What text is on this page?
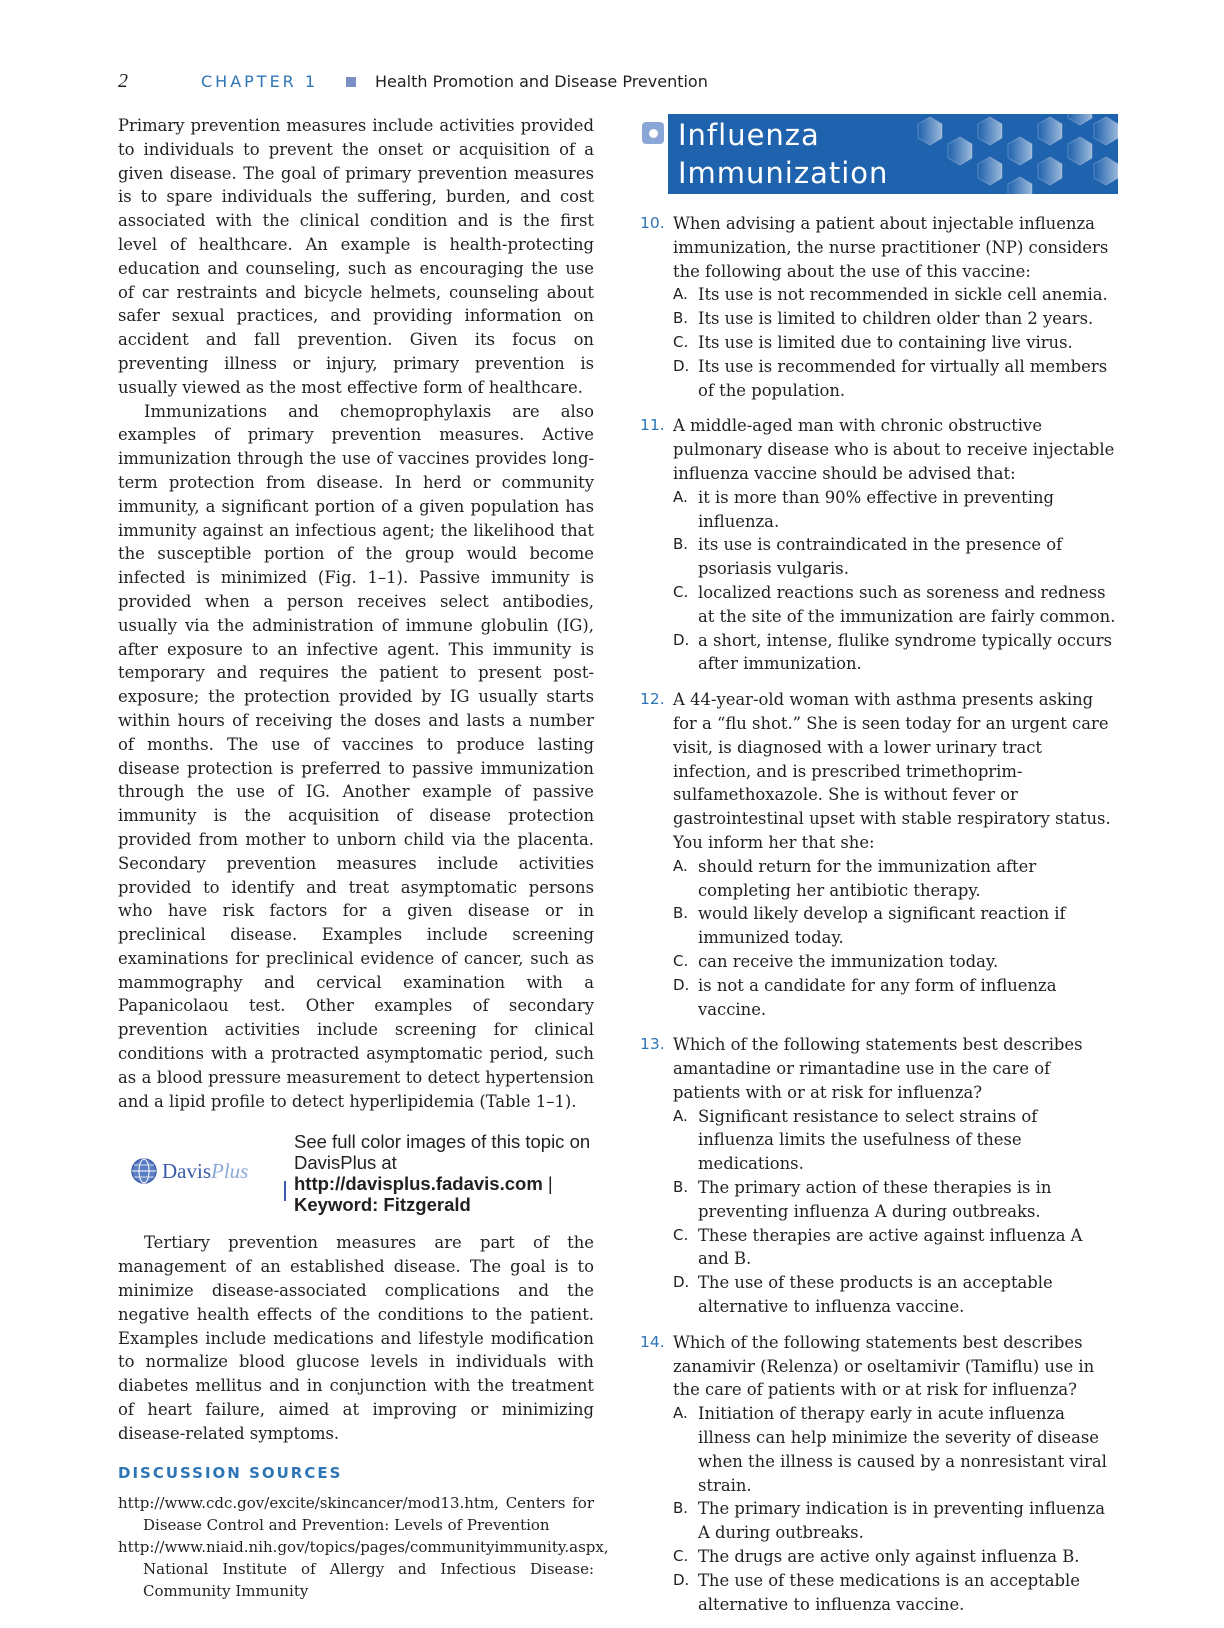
2	CHAPTER 1	Health Promotion and Disease Prevention

Primary prevention measures include activities provided to individuals to prevent the onset or acquisition of a given disease. The goal of primary prevention measures is to spare individuals the suffering, burden, and cost associated with the clinical condition and is the first level of healthcare. An example is health-protecting education and counseling, such as encouraging the use of car restraints and bicycle helmets, counseling about safer sexual practices, and providing information on accident and fall prevention. Given its focus on preventing illness or injury, primary prevention is usually viewed as the most effective form of healthcare.

Immunizations and chemoprophylaxis are also examples of primary prevention measures. Active immunization through the use of vaccines provides long-term protection from disease. In herd or community immunity, a significant portion of a given population has immunity against an infectious agent; the likelihood that the susceptible portion of the group would become infected is minimized (Fig. 1–1). Passive immunity is provided when a person receives select antibodies, usually via the administration of immune globulin (IG), after exposure to an infective agent. This immunity is temporary and requires the patient to present post-exposure; the protection provided by IG usually starts within hours of receiving the doses and lasts a number of months. The use of vaccines to produce lasting disease protection is preferred to passive immunization through the use of IG. Another example of passive immunity is the acquisition of disease protection provided from mother to unborn child via the placenta. Secondary prevention measures include activities provided to identify and treat asymptomatic persons who have risk factors for a given disease or in preclinical disease. Examples include screening examinations for preclinical evidence of cancer, such as mammography and cervical examination with a Papanicolaou test. Other examples of secondary prevention activities include screening for clinical conditions with a protracted asymptomatic period, such as a blood pressure measurement to detect hypertension and a lipid profile to detect hyperlipidemia (Table 1–1).

DavisPlus
See full color images of this topic on DavisPlus at
http://davisplus.fadavis.com |
Keyword: Fitzgerald

Tertiary prevention measures are part of the management of an established disease. The goal is to minimize disease-associated complications and the negative health effects of the conditions to the patient. Examples include medications and lifestyle modification to normalize blood glucose levels in individuals with diabetes mellitus and in conjunction with the treatment of heart failure, aimed at improving or minimizing disease-related symptoms.

DISCUSSION SOURCES

http://www.cdc.gov/excite/skincancer/mod13.htm, Centers for Disease Control and Prevention: Levels of Prevention

http://www.niaid.nih.gov/topics/pages/communityimmunity.aspx, National Institute of Allergy and Infectious Disease: Community Immunity

Influenza
Immunization
10. When advising a patient about injectable influenza immunization, the nurse practitioner (NP) considers the following about the use of this vaccine:
A. Its use is not recommended in sickle cell anemia.
B. Its use is limited to children older than 2 years.
C. Its use is limited due to containing live virus.
D. Its use is recommended for virtually all members of the population.
11. A middle-aged man with chronic obstructive pulmonary disease who is about to receive injectable influenza vaccine should be advised that:
A. it is more than 90% effective in preventing influenza.
B. its use is contraindicated in the presence of psoriasis vulgaris.
C. localized reactions such as soreness and redness at the site of the immunization are fairly common.
D. a short, intense, flulike syndrome typically occurs after immunization.
12. A 44-year-old woman with asthma presents asking for a “flu shot.” She is seen today for an urgent care visit, is diagnosed with a lower urinary tract infection, and is prescribed trimethoprim-sulfamethoxazole. She is without fever or gastrointestinal upset with stable respiratory status. You inform her that she:
A. should return for the immunization after completing her antibiotic therapy.
B. would likely develop a significant reaction if immunized today.
C. can receive the immunization today.
D. is not a candidate for any form of influenza vaccine.
13. Which of the following statements best describes amantadine or rimantadine use in the care of patients with or at risk for influenza?
A. Significant resistance to select strains of influenza limits the usefulness of these medications.
B. The primary action of these therapies is in preventing influenza A during outbreaks.
C. These therapies are active against influenza A and B.
D. The use of these products is an acceptable alternative to influenza vaccine.
14. Which of the following statements best describes zanamivir (Relenza) or oseltamivir (Tamiflu) use in the care of patients with or at risk for influenza?
A. Initiation of therapy early in acute influenza illness can help minimize the severity of disease when the illness is caused by a nonresistant viral strain.
B. The primary indication is in preventing influenza A during outbreaks.
C. The drugs are active only against influenza B.
D. The use of these medications is an acceptable alternative to influenza vaccine.
